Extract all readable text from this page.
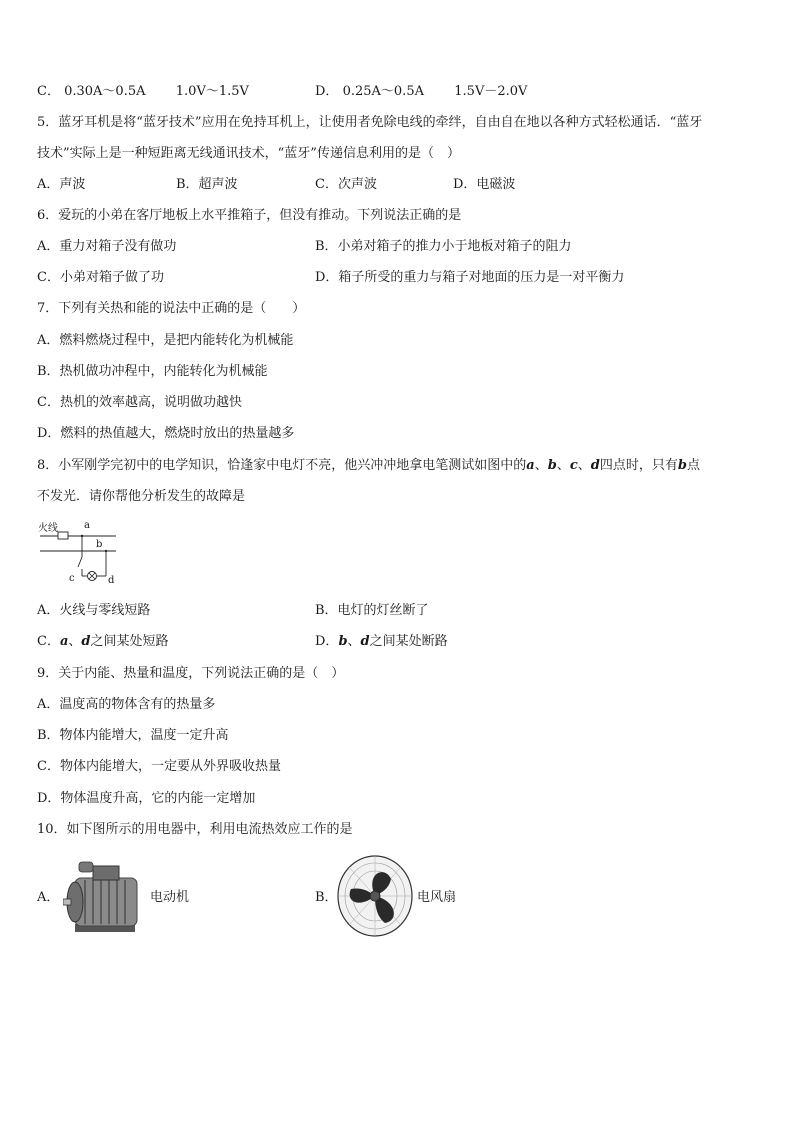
C． 0.30A～0.5A 1.0V～1.5V	D． 0.25A～0.5A 1.5V－2.0V
5．蓝牙耳机是将“蓝牙技术”应用在免持耳机上，让使用者免除电线的牵绊，自由自在地以各种方式轻松通话．“蓝牙
技术”实际上是一种短距离无线通讯技术，“蓝牙”传递信息利用的是（　）
A．声波	B．超声波	C．次声波	D．电磁波
6．爱玩的小弟在客厅地板上水平推箱子，但没有推动。下列说法正确的是
A．重力对箱子没有做功	B．小弟对箱子的推力小于地板对箱子的阻力
C．小弟对箱子做了功	D．箱子所受的重力与箱子对地面的压力是一对平衡力
7．下列有关热和能的说法中正确的是（　　）
A．燃料燃烧过程中，是把内能转化为机械能
B．热机做功冲程中，内能转化为机械能
C．热机的效率越高，说明做功越快
D．燃料的热值越大，燃烧时放出的热量越多
8．小军刚学完初中的电学知识，恰逢家中电灯不亮，他兴冲冲地拿电笔测试如图中的a、b、c、d四点时，只有b点
不发光．请你帮他分析发生的故障是
火线	a
b
c	d
A．火线与零线短路	B．电灯的灯丝断了
C．a、d之间某处短路	D．b、d之间某处断路
9．关于内能、热量和温度，下列说法正确的是（　）
A．温度高的物体含有的热量多
B．物体内能增大，温度一定升高
C．物体内能增大，一定要从外界吸收热量
D．物体温度升高，它的内能一定增加
10．如下图所示的用电器中，利用电流热效应工作的是
A．	电动机	B．	电风扇
